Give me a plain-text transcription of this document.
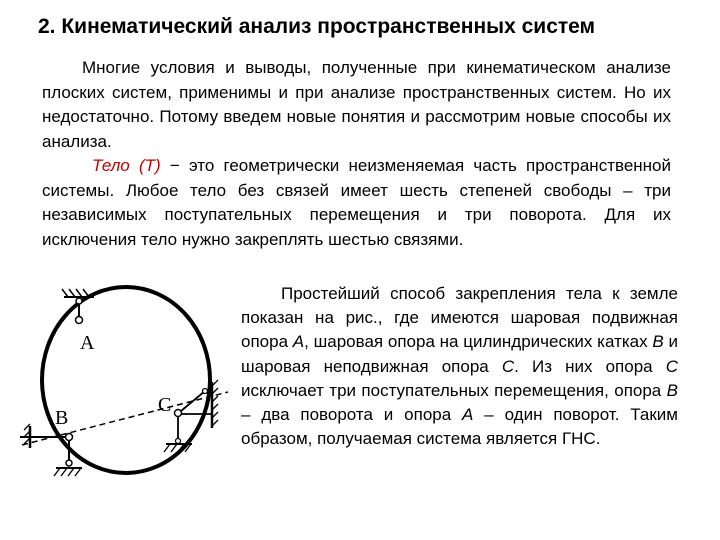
2. Кинематический анализ пространственных систем

Многие условия и выводы, полученные при кинематическом анализе плоских систем, применимы и при анализе пространственных систем. Но их недостаточно. Потому введем новые понятия и рассмотрим новые способы их анализа.

Тело (Т) − это геометрически неизменяемая часть пространственной системы. Любое тело без связей имеет шесть степеней свободы – три независимых поступательных перемещения и три поворота. Для их исключения тело нужно закреплять шестью связями.

Простейший способ закрепления тела к земле показан на рис., где имеются шаровая подвижная опора A, шаровая опора на цилиндрических катках B и шаровая неподвижная опора C. Из них опора C исключает три поступательных перемещения, опора B – два поворота и опора A – один поворот. Таким образом, получаемая система является ГНС.

A
B
C
